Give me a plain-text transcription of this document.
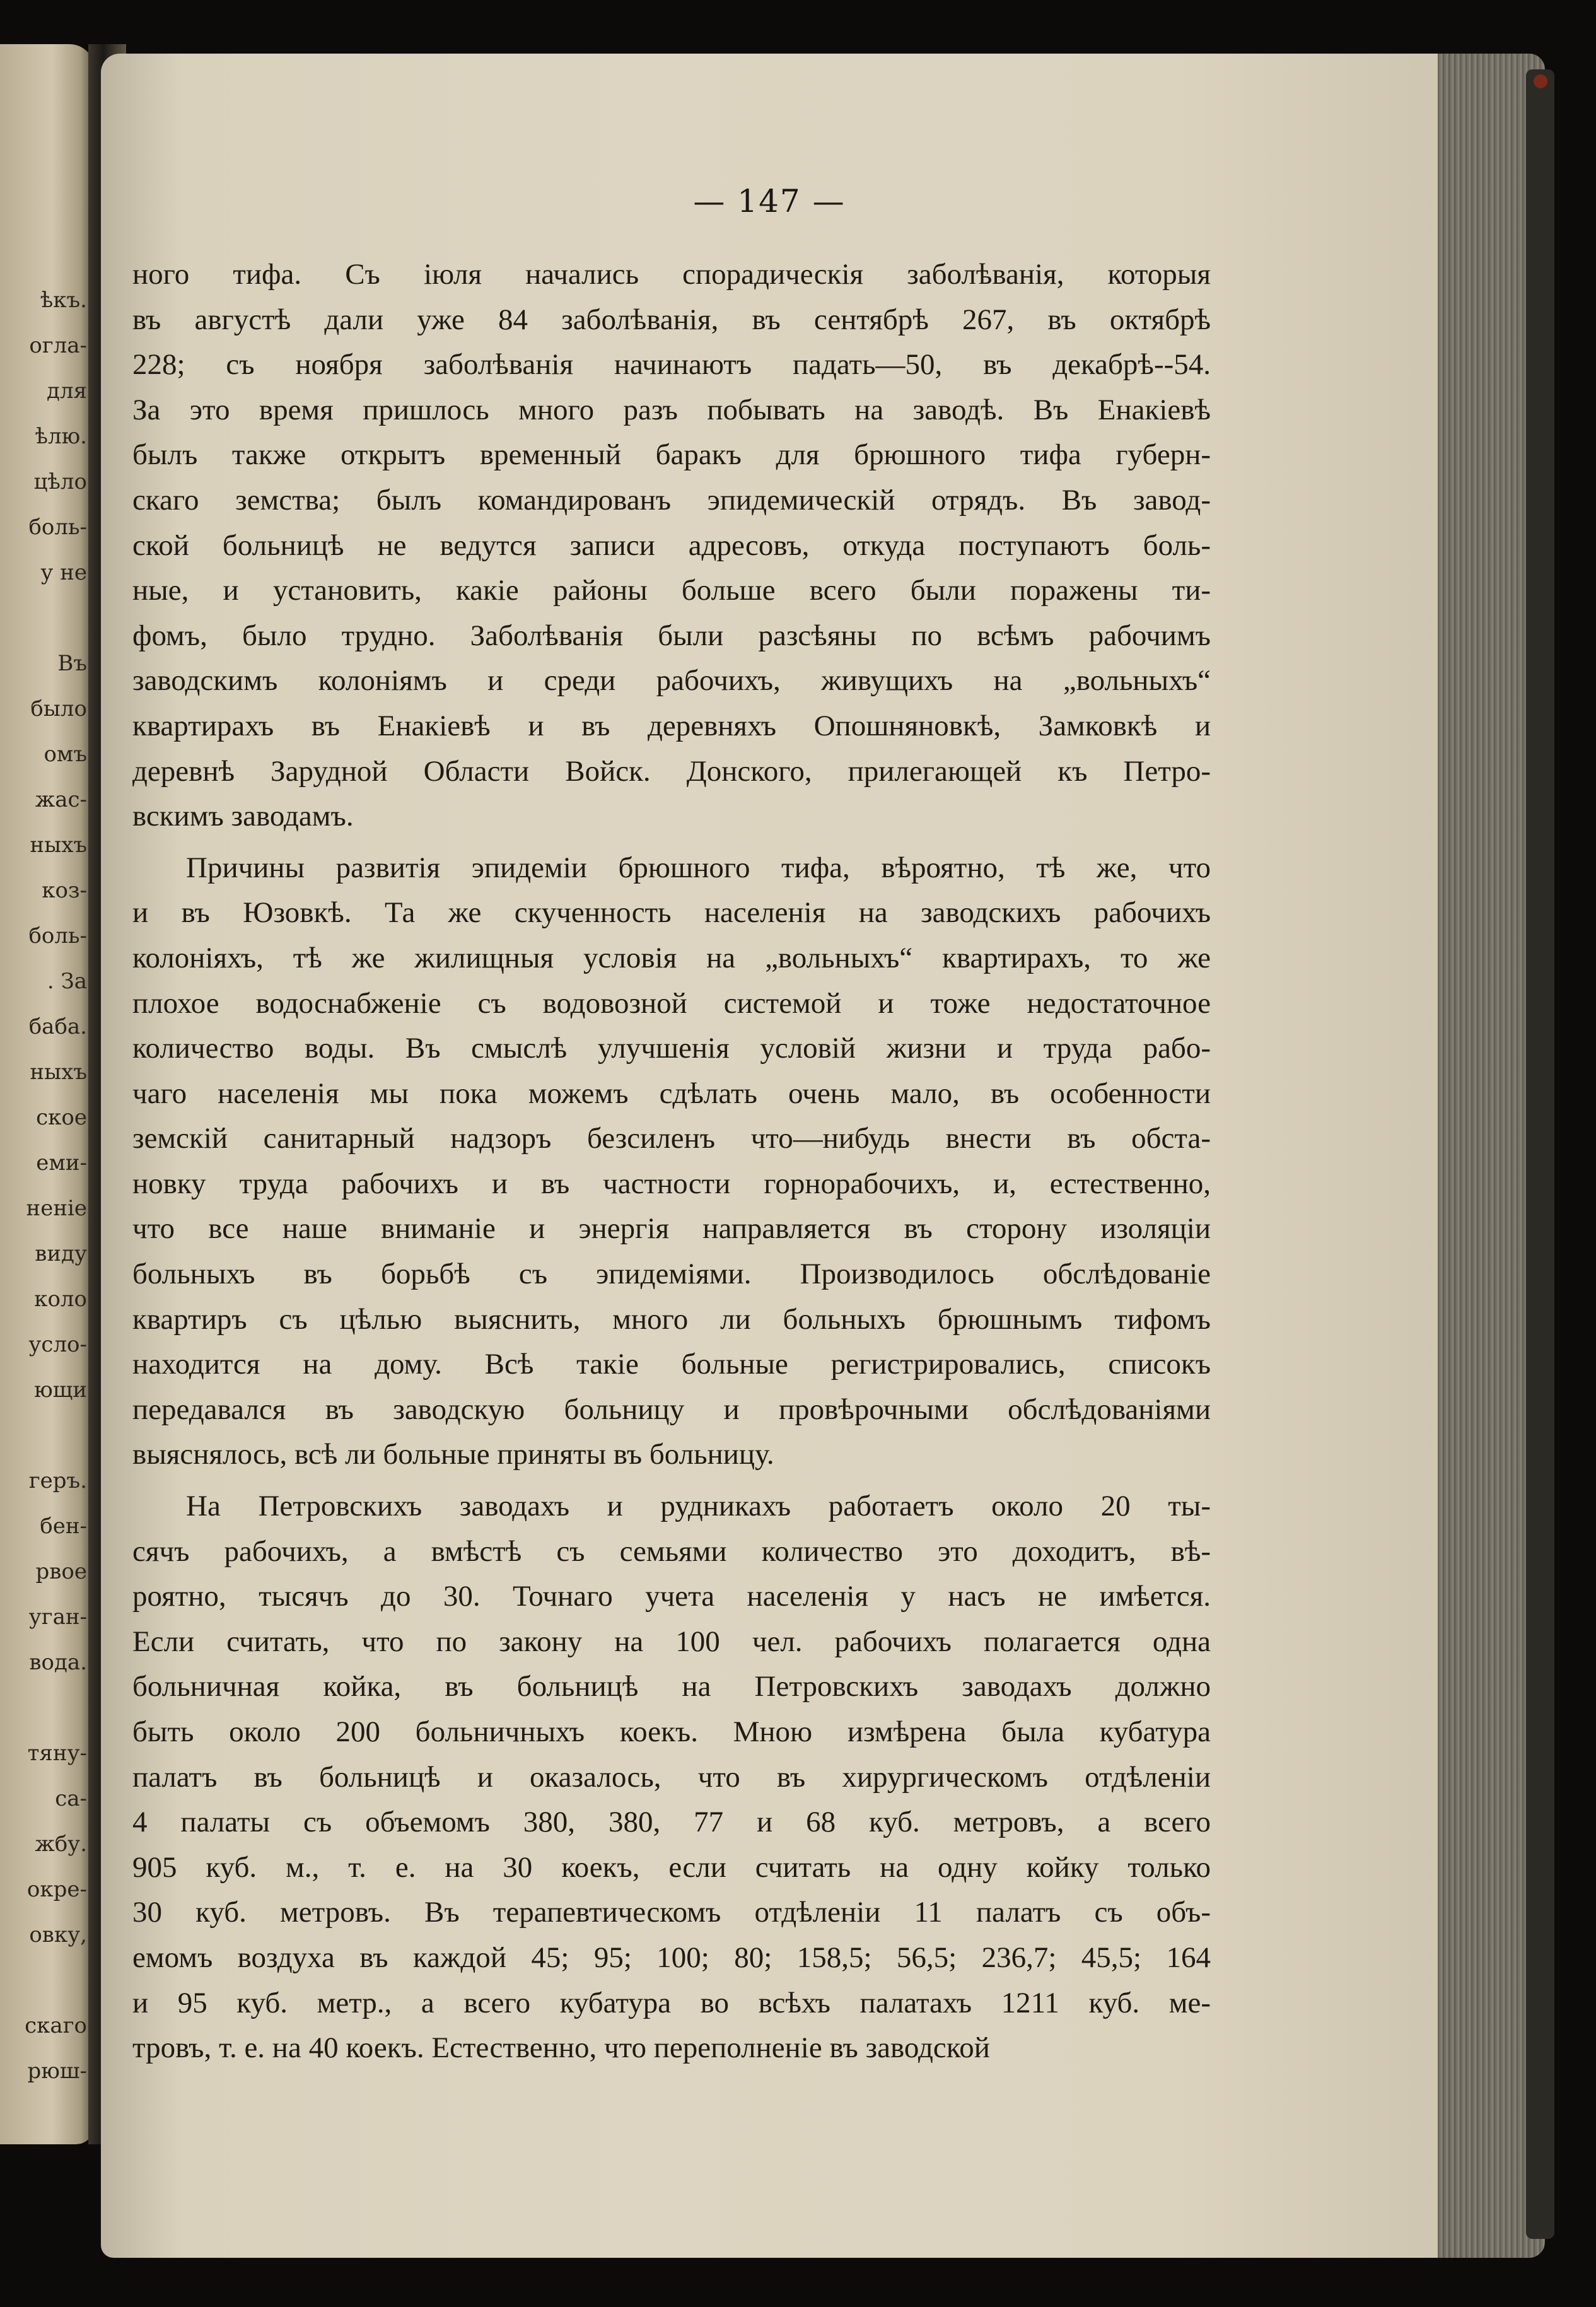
ѣкъ.
огла-
для
ѣлю.
цѣло
боль-
у не
Въ
было
омъ
жас-
ныхъ
коз-
боль-
. За
баба.
ныхъ
ское
еми-
неніе
виду
коло
усло-
ющи
геръ.
бен-
рвое
уган-
вода.
тяну-
са-
жбу.
окре-
овку,
скаго
рюш-
— 147 —
ного тифа. Съ іюля начались спорадическія заболѣванія, которыя
въ августѣ дали уже 84 заболѣванія, въ сентябрѣ 267, въ октябрѣ
228; съ ноября заболѣванія начинаютъ падать—50, въ декабрѣ--54.
За это время пришлось много разъ побывать на заводѣ. Въ Енакіевѣ
былъ также открытъ временный баракъ для брюшного тифа губерн-
скаго земства; былъ командированъ эпидемическій отрядъ. Въ завод-
ской больницѣ не ведутся записи адресовъ, откуда поступаютъ боль-
ные, и установить, какіе районы больше всего были поражены ти-
фомъ, было трудно. Заболѣванія были разсѣяны по всѣмъ рабочимъ
заводскимъ колоніямъ и среди рабочихъ, живущихъ на „вольныхъ“
квартирахъ въ Енакіевѣ и въ деревняхъ Опошняновкѣ, Замковкѣ и
деревнѣ Зарудной Области Войск. Донского, прилегающей къ Петро-
вскимъ заводамъ.
Причины развитія эпидеміи брюшного тифа, вѣроятно, тѣ же, что
и въ Юзовкѣ. Та же скученность населенія на заводскихъ рабочихъ
колоніяхъ, тѣ же жилищныя условія на „вольныхъ“ квартирахъ, то же
плохое водоснабженіе съ водовозной системой и тоже недостаточное
количество воды. Въ смыслѣ улучшенія условій жизни и труда рабо-
чаго населенія мы пока можемъ сдѣлать очень мало, въ особенности
земскій санитарный надзоръ безсиленъ что—нибудь внести въ обста-
новку труда рабочихъ и въ частности горнорабочихъ, и, естественно,
что все наше вниманіе и энергія направляется въ сторону изоляціи
больныхъ въ борьбѣ съ эпидеміями. Производилось обслѣдованіе
квартиръ съ цѣлью выяснить, много ли больныхъ брюшнымъ тифомъ
находится на дому. Всѣ такіе больные регистрировались, списокъ
передавался въ заводскую больницу и провѣрочными обслѣдованіями
выяснялось, всѣ ли больные приняты въ больницу.
На Петровскихъ заводахъ и рудникахъ работаетъ около 20 ты-
сячъ рабочихъ, а вмѣстѣ съ семьями количество это доходитъ, вѣ-
роятно, тысячъ до 30. Точнаго учета населенія у насъ не имѣется.
Если считать, что по закону на 100 чел. рабочихъ полагается одна
больничная койка, въ больницѣ на Петровскихъ заводахъ должно
быть около 200 больничныхъ коекъ. Мною измѣрена была кубатура
палатъ въ больницѣ и оказалось, что въ хирургическомъ отдѣленіи
4 палаты съ объемомъ 380, 380, 77 и 68 куб. метровъ, а всего
905 куб. м., т. е. на 30 коекъ, если считать на одну койку только
30 куб. метровъ. Въ терапевтическомъ отдѣленіи 11 палатъ съ объ-
емомъ воздуха въ каждой 45; 95; 100; 80; 158,5; 56,5; 236,7; 45,5; 164
и 95 куб. метр., а всего кубатура во всѣхъ палатахъ 1211 куб. ме-
тровъ, т. е. на 40 коекъ. Естественно, что переполненіе въ заводской
